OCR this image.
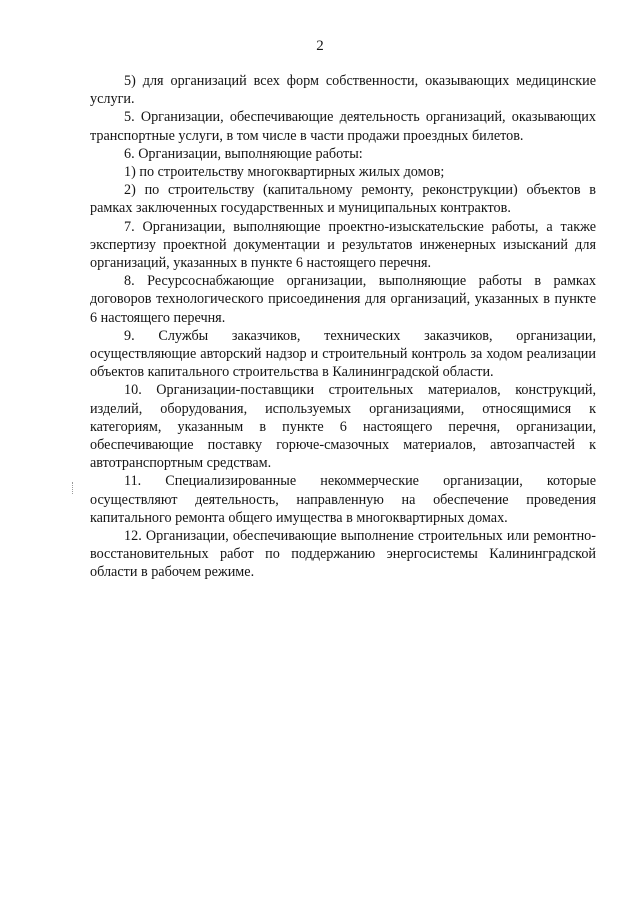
2

5) для организаций всех форм собственности, оказывающих медицинские услуги.

5. Организации, обеспечивающие деятельность организаций, оказывающих транспортные услуги, в том числе в части продажи проездных билетов.

6. Организации, выполняющие работы:

1) по строительству многоквартирных жилых домов;

2) по строительству (капитальному ремонту, реконструкции) объектов в рамках заключенных государственных и муниципальных контрактов.

7. Организации, выполняющие проектно-изыскательские работы, а также экспертизу проектной документации и результатов инженерных изысканий для организаций, указанных в пункте 6 настоящего перечня.

8. Ресурсоснабжающие организации, выполняющие работы в рамках договоров технологического присоединения для организаций, указанных в пункте 6 настоящего перечня.

9. Службы заказчиков, технических заказчиков, организации, осуществляющие авторский надзор и строительный контроль за ходом реализации объектов капитального строительства в Калининградской области.

10. Организации-поставщики строительных материалов, конструкций, изделий, оборудования, используемых организациями, относящимися к категориям, указанным в пункте 6 настоящего перечня, организации, обеспечивающие поставку горюче-смазочных материалов, автозапчастей к автотранспортным средствам.

11. Специализированные некоммерческие организации, которые осуществляют деятельность, направленную на обеспечение проведения капитального ремонта общего имущества в многоквартирных домах.

12. Организации, обеспечивающие выполнение строительных или ремонтно-восстановительных работ по поддержанию энергосистемы Калининградской области в рабочем режиме.
